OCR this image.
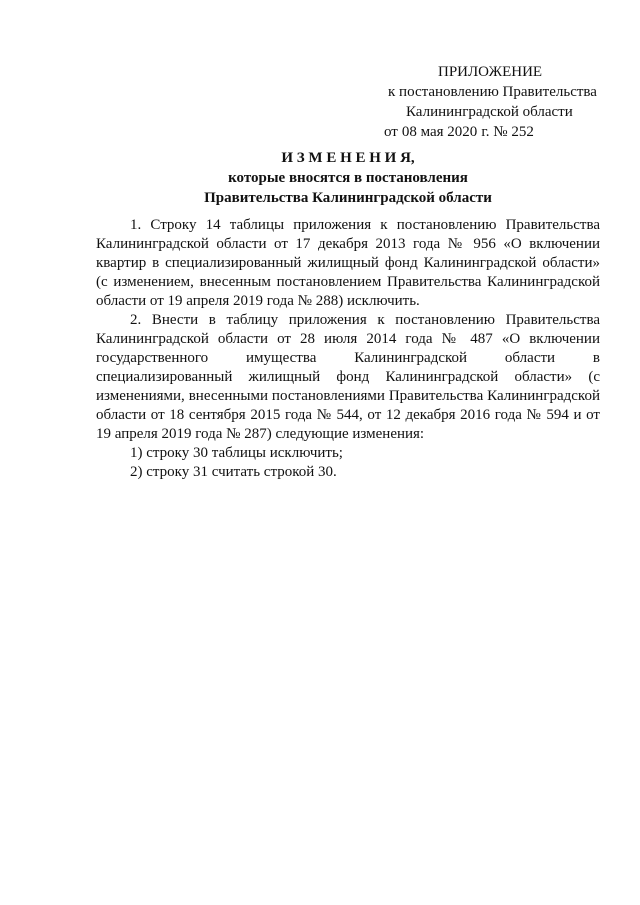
ПРИЛОЖЕНИЕ
к постановлению Правительства
Калининградской области
от 08 мая 2020 г. № 252
И З М Е Н Е Н И Я,
которые вносятся в постановления
Правительства Калининградской области

1. Строку 14 таблицы приложения к постановлению Правительства Калининградской области от 17 декабря 2013 года № 956 «О включении квартир в специализированный жилищный фонд Калининградской области» (с изменением, внесенным постановлением Правительства Калининградской области от 19 апреля 2019 года № 288) исключить.

2. Внести в таблицу приложения к постановлению Правительства Калининградской области от 28 июля 2014 года № 487 «О включении государственного имущества Калининградской области в специализированный жилищный фонд Калининградской области» (с изменениями, внесенными постановлениями Правительства Калининградской области от 18 сентября 2015 года № 544, от 12 декабря 2016 года № 594 и от 19 апреля 2019 года № 287) следующие изменения:

1) строку 30 таблицы исключить;

2) строку 31 считать строкой 30.
